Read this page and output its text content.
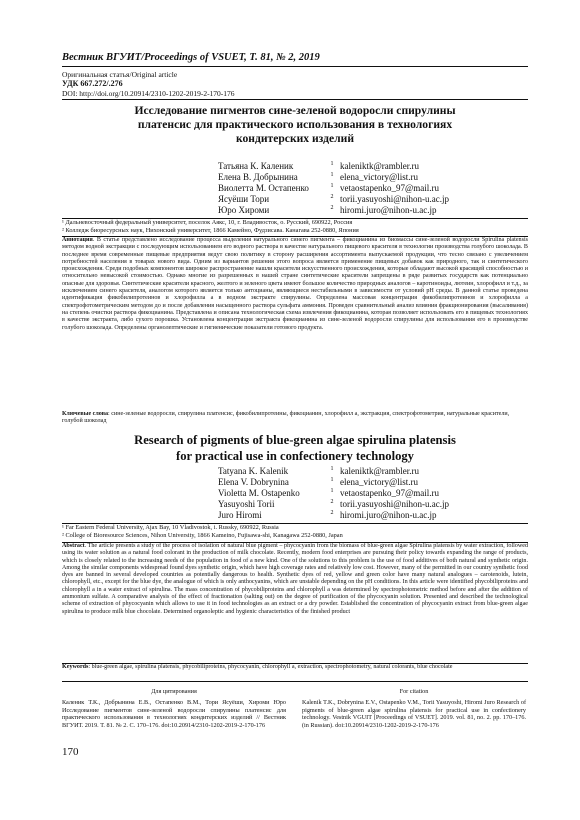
Вестник ВГУИТ/Proceedings of VSUET, Т. 81, № 2, 2019
Оригинальная статья/Original article
УДК 667.272/.276
DOI: http://doi.org/10.20914/2310-1202-2019-2-170-176
Исследование пигментов сине-зеленой водоросли спирулины
платенсис для практического использования в технологиях
кондитерских изделий
Татьяна К. Каленик	1 kaleniktk@rambler.ru
Елена В. Добрынина	1 elena_victory@list.ru
Виолетта М. Остапенко	1 vetaostapenko_97@mail.ru
Ясуёши Тори	2 torii.yasuyoshi@nihon-u.ac.jp
Юро Хироми	2 hiromi.juro@nihon-u.ac.jp
¹ Дальневосточный федеральный университет, поселок Аякс, 10, г. Владивосток, о. Русский, 690922, Россия
² Колледж биоресурсных наук, Нихонский университет, 1866 Камейно, Фудзисава. Канагава 252-0880, Япония
Аннотация. В статье представлено исследование процесса выделения натурального синего пигмента – фикоцианина из биомассы сине-зеленой водоросли Spirulina platensis методом водной экстракции с последующим использованием его водного раствора в качестве натурального пищевого красителя в технологии производства голубого шоколада. В последнее время современные пищевые предприятия ведут свою политику в сторону расширения ассортимента выпускаемой продукции, что тесно связано с увеличением потребностей населения в товарах нового вида. Одним из вариантов решения этого вопроса является применение пищевых добавок как природного, так и синтетического происхождения. Среди подобных компонентов широкое распространение нашли красители искусственного происхождения, которые обладают высокой красящей способностью и относительно невысокой стоимостью. Однако многие из разрешенных в нашей стране синтетические красители запрещены в ряде развитых государств как потенциально опасные для здоровья. Синтетические красители красного, желтого и зеленого цвета имеют большое количество природных аналогов – каротиноиды, лютеин, хлорофилл и т.д., за исключением синего красителя, аналогом которого является только антоцианы, являющиеся нестабильными в зависимости от условий рН среды. В данной статье проведена идентификация фикобилипротеинов и хлорофилла a в водном экстракте спирулины. Определена массовая концентрация фикобилипротеинов и хлорофилла a спектрофотометрическим методом до и после добавления насыщенного раствора сульфата аммония. Проведен сравнительный анализ влияния фракционирования (высаливания) на степень очистки раствора фикоцианина. Представлена и описана технологическая схема извлечения фикоцианина, которая позволяет использовать его в пищевых технологиях в качестве экстракта, либо сухого порошка. Установлена концентрация экстракта фикоцианина из сине-зеленой водоросли спирулины для использования его в производстве голубого шоколада. Определены органолептические и гигиенические показатели готового продукта.
Ключевые слова: сине-зеленые водоросли, спирулина платенсис, фикобилипротеины, фикоцианин, хлорофилл a, экстракция, спектрофотометрия, натуральные красители, голубой шоколад
Research of pigments of blue-green algae spirulina platensis
for practical use in confectionery technology
Tatyana K. Kalenik	1 kaleniktk@rambler.ru
Elena V. Dobrynina	1 elena_victory@list.ru
Violetta M. Ostapenko	1 vetaostapenko_97@mail.ru
Yasuyoshi Torii	2 torii.yasuyoshi@nihon-u.ac.jp
Juro Hiromi	2 hiromi.juro@nihon-u.ac.jp
¹ Far Eastern Federal University, Ajax Bay, 10 Vladivostok, i. Russky, 690922, Russia
² College of Bioresource Sciences, Nihon University, 1866 Kameino, Fujisawa-shi, Kanagawa 252-0880, Japan
Abstract. The article presents a study of the process of isolation of natural blue pigment – phycocyanin from the biomass of blue-green algae Spirulina platensis by water extraction, followed using its water solution as a natural food colorant in the production of milk chocolate. Recently, modern food enterprises are pursuing their policy towards expanding the range of products, which is closely related to the increasing needs of the population in food of a new kind. One of the solutions to this problem is the use of food additives of both natural and synthetic origin. Among the similar components widespread found dyes synthetic origin, which have high coverage rates and relatively low cost. However, many of the permitted in our country synthetic food dyes are banned in several developed countries as potentially dangerous to health. Synthetic dyes of red, yellow and green color have many natural analogues – carotenoids, lutein, chlorophyll, etc., except for the blue dye, the analogue of which is only anthocyanins, which are unstable depending on the pH conditions. In this article were identified phycobiliproteins and chlorophyll a in a water extract of spirulina. The mass concentration of phycobiliproteins and chlorophyll a was determined by spectrophotometric method before and after the addition of ammonium sulfate. A comparative analysis of the effect of fractionation (salting out) on the degree of purification of the phycocyanin solution. Presented and described the technological scheme of extraction of phycocyanin which allows to use it in food technologies as an extract or a dry powder. Established the concentration of phycocyanin extract from blue-green algae spirulina to produce milk blue chocolate. Determined organoleptic and hygienic characteristics of the finished product
Keywords: blue-green algae, spirulina platensis, phycobiliproteins, phycocyanin, chlorophyll a, extraction, spectrophotometry, natural colorants, blue chocolate
Для цитирования
Каленик Т.К., Добрынина Е.В., Остапенко В.М., Тори Ясуёши, Хироми Юро Исследование пигментов сине-зеленой водоросли спирулины платенсис для практического использования в технологиях кондитерских изделий // Вестник ВГУИТ. 2019. Т. 81. № 2. С. 170–176. doi:10.20914/2310-1202-2019-2-170-176
For citation
Kalenik T.K., Dobrynina E.V., Ostapenko V.M., Torii Yasuyoshi, Hiromi Juro Research of pigments of blue-green algae spirulina platensis for practical use in confectionery technology. Vestnik VGUIT [Proceedings of VSUET]. 2019. vol. 81, no. 2. pp. 170–176. (in Russian). doi:10.20914/2310-1202-2019-2-170-176
170
